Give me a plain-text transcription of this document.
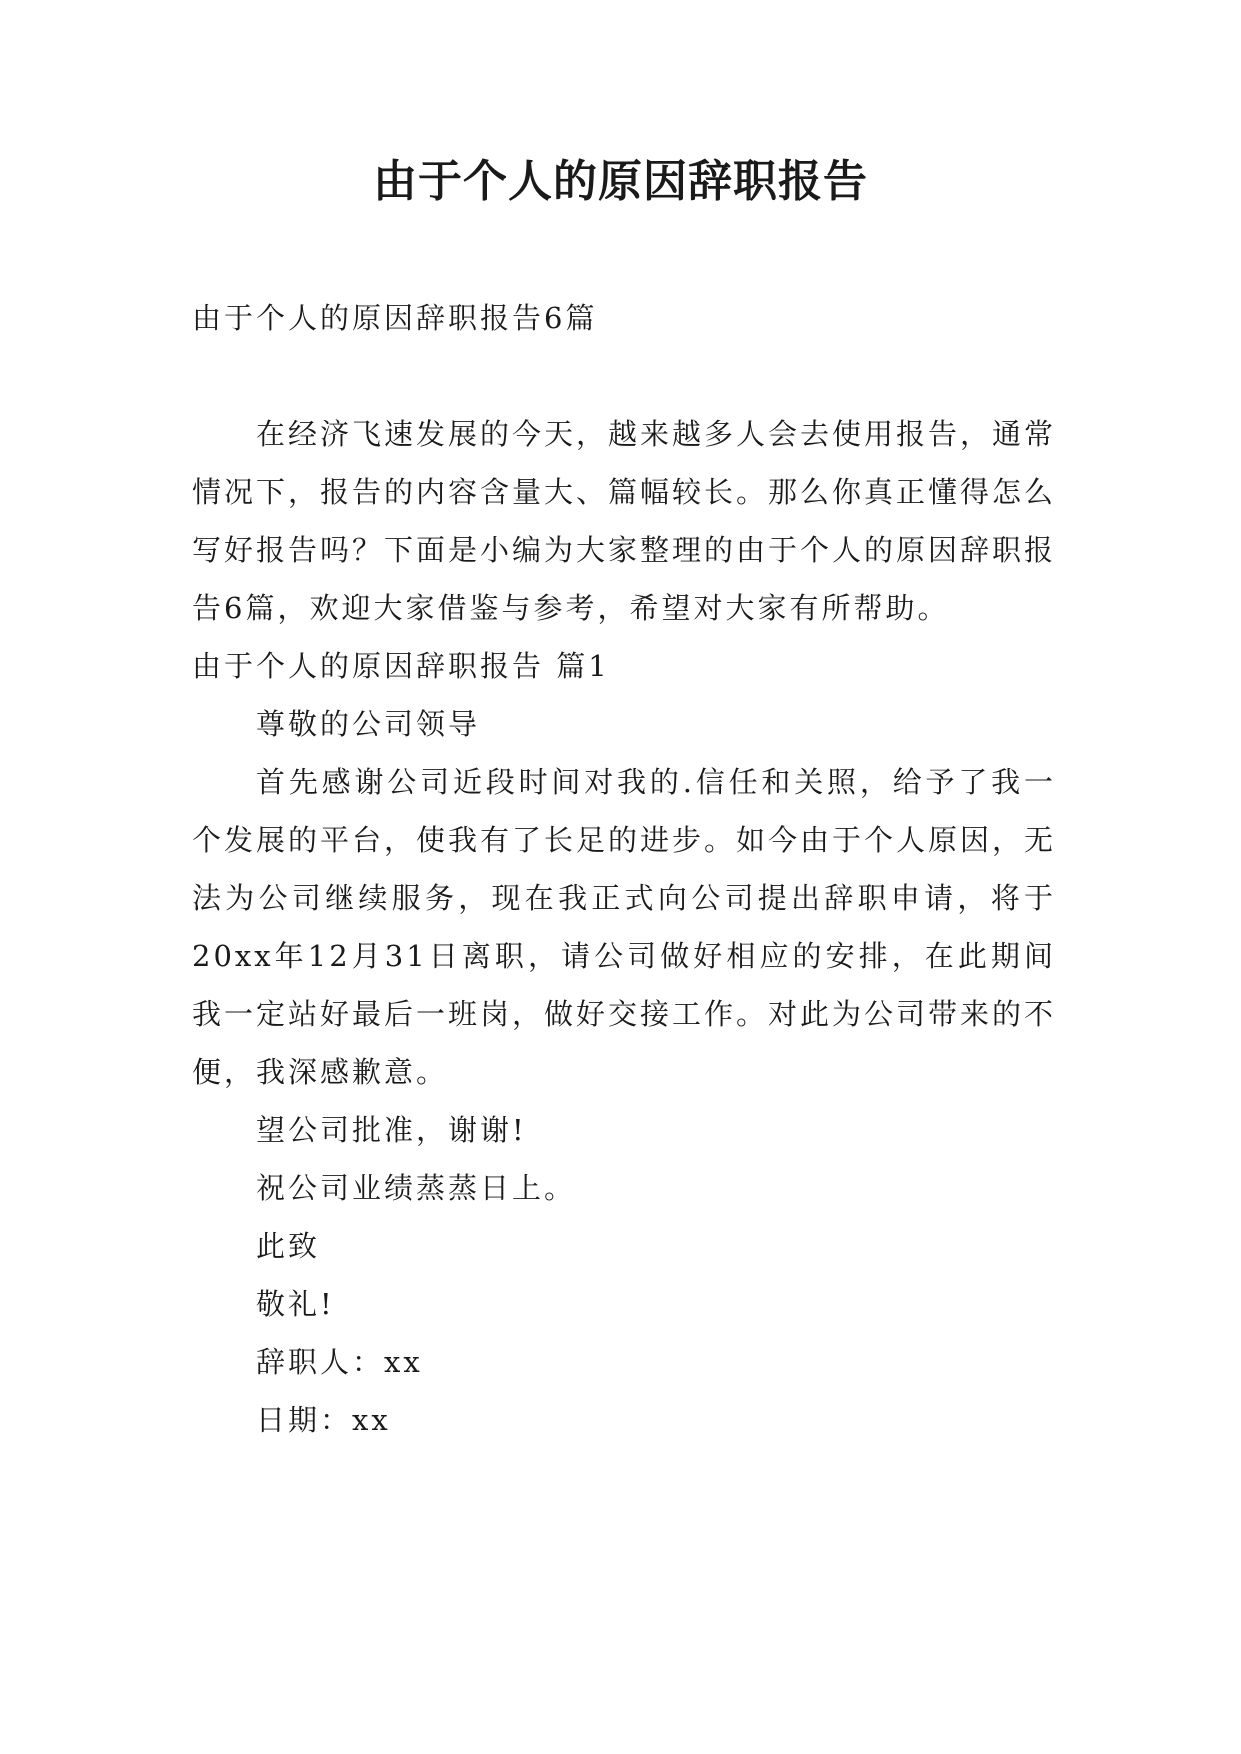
由于个人的原因辞职报告

由于个人的原因辞职报告6篇

在经济飞速发展的今天，越来越多人会去使用报告，通常情况下，报告的内容含量大、篇幅较长。那么你真正懂得怎么写好报告吗？下面是小编为大家整理的由于个人的原因辞职报告6篇，欢迎大家借鉴与参考，希望对大家有所帮助。

由于个人的原因辞职报告 篇1

尊敬的公司领导

首先感谢公司近段时间对我的.信任和关照，给予了我一个发展的平台，使我有了长足的进步。如今由于个人原因，无法为公司继续服务，现在我正式向公司提出辞职申请，将于20xx年12月31日离职，请公司做好相应的安排，在此期间我一定站好最后一班岗，做好交接工作。对此为公司带来的不便，我深感歉意。

望公司批准，谢谢!

祝公司业绩蒸蒸日上。

此致

敬礼!

辞职人：xx

日期：xx
